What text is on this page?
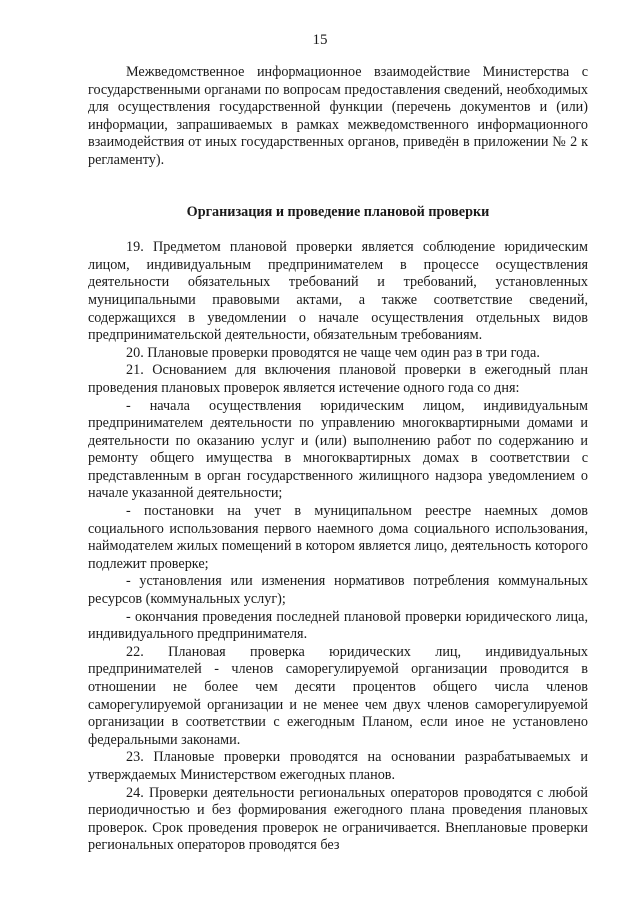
15

Межведомственное информационное взаимодействие Министерства с государственными органами по вопросам предоставления сведений, необходимых для осуществления государственной функции (перечень документов и (или) информации, запрашиваемых в рамках межведомственного информационного взаимодействия от иных государственных органов, приведён в приложении № 2 к регламенту).

Организация и проведение плановой проверки

19. Предметом плановой проверки является соблюдение юридическим лицом, индивидуальным предпринимателем в процессе осуществления деятельности обязательных требований и требований, установленных муниципальными правовыми актами, а также соответствие сведений, содержащихся в уведомлении о начале осуществления отдельных видов предпринимательской деятельности, обязательным требованиям.

20. Плановые проверки проводятся не чаще чем один раз в три года.

21. Основанием для включения плановой проверки в ежегодный план проведения плановых проверок является истечение одного года со дня:

- начала осуществления юридическим лицом, индивидуальным предпринимателем деятельности по управлению многоквартирными домами и деятельности по оказанию услуг и (или) выполнению работ по содержанию и ремонту общего имущества в многоквартирных домах в соответствии с представленным в орган государственного жилищного надзора уведомлением о начале указанной деятельности;

- постановки на учет в муниципальном реестре наемных домов социального использования первого наемного дома социального использования, наймодателем жилых помещений в котором является лицо, деятельность которого подлежит проверке;

- установления или изменения нормативов потребления коммунальных ресурсов (коммунальных услуг);

- окончания проведения последней плановой проверки юридического лица, индивидуального предпринимателя.

22. Плановая проверка юридических лиц, индивидуальных предпринимателей - членов саморегулируемой организации проводится в отношении не более чем десяти процентов общего числа членов саморегулируемой организации и не менее чем двух членов саморегулируемой организации в соответствии с ежегодным Планом, если иное не установлено федеральными законами.

23. Плановые проверки проводятся на основании разрабатываемых и утверждаемых Министерством ежегодных планов.

24. Проверки деятельности региональных операторов проводятся с любой периодичностью и без формирования ежегодного плана проведения плановых проверок. Срок проведения проверок не ограничивается. Внеплановые проверки региональных операторов проводятся без
